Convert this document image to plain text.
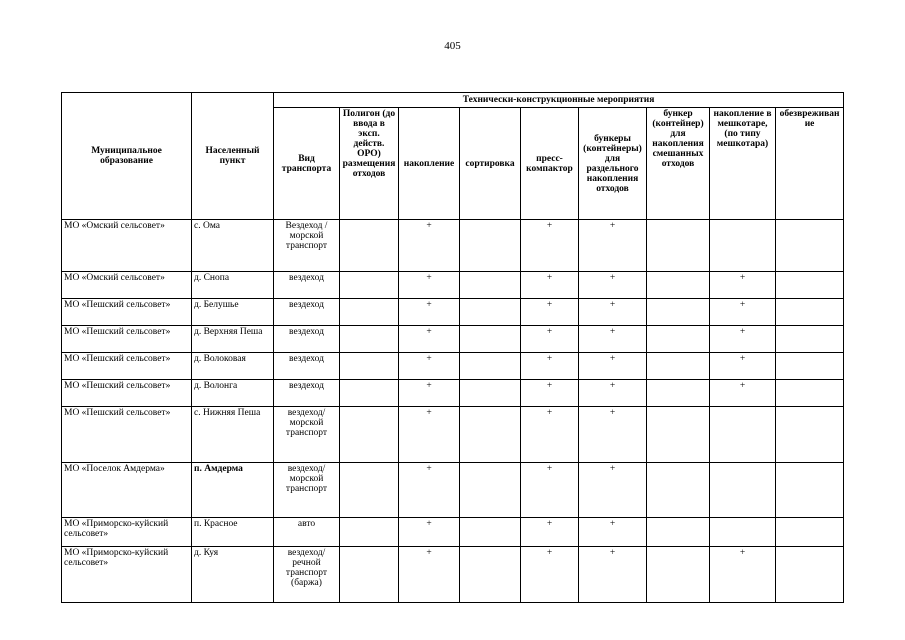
405
Муниципальное образование	Населенный пункт	Технически-конструкционные мероприятия								
		Вид транспорта	Полигон (до ввода в эксп. действ. ОРО) размещения отходов	накопление	сортировка	пресс-компактор	бункеры (контейнеры) для раздельного накопления отходов	бункер (контейнер) для накопления смешанных отходов	накопление в мешкотаре, (по типу мешкотара)	обезвреживание
МО «Омский сельсовет»	с. Ома	Вездеход / морской транспорт		+		+	+			
МО «Омский сельсовет»	д. Снопа	вездеход		+		+	+		+	
МО «Пешский сельсовет»	д. Белушье	вездеход		+		+	+		+	
МО «Пешский сельсовет»	д. Верхняя Пеша	вездеход		+		+	+		+	
МО «Пешский сельсовет»	д. Волоковая	вездеход		+		+	+		+	
МО «Пешский сельсовет»	д. Волонга	вездеход		+		+	+		+	
МО «Пешский сельсовет»	с. Нижняя Пеша	вездеход/ морской транспорт		+		+	+			
МО «Поселок Амдерма»	п. Амдерма	вездеход/ морской транспорт		+		+	+			
МО «Приморско-куйский сельсовет»	п. Красное	авто		+		+	+			
МО «Приморско-куйский сельсовет»	д. Куя	вездеход/ речной транспорт (баржа)		+		+	+		+	
